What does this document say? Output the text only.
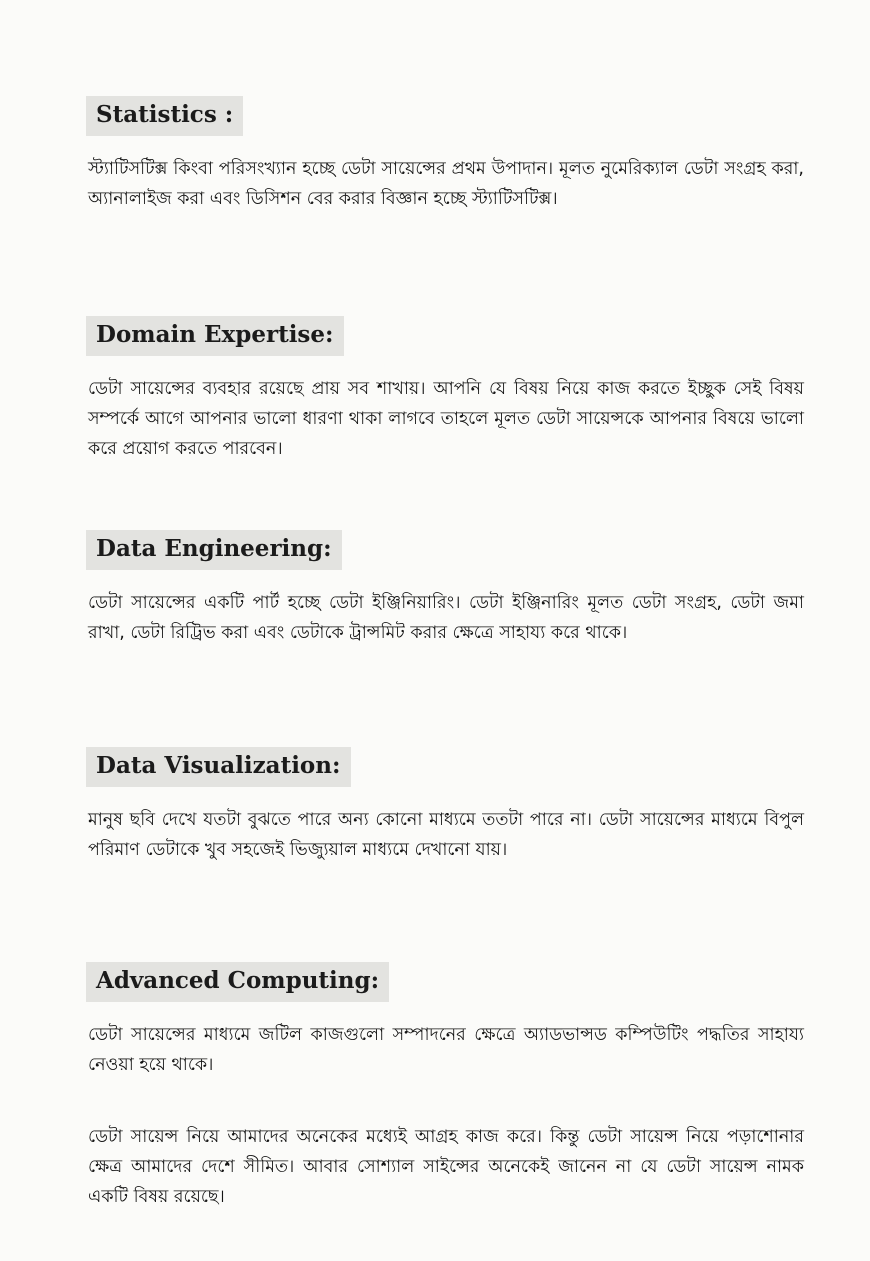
Statistics :
স্ট্যাটিসটিক্স কিংবা পরিসংখ্যান হচ্ছে ডেটা সায়েন্সের প্রথম উপাদান। মূলত নুমেরিক্যাল ডেটা সংগ্রহ করা, অ্যানালাইজ করা এবং ডিসিশন বের করার বিজ্ঞান হচ্ছে স্ট্যাটিসটিক্স।
Domain Expertise:
ডেটা সায়েন্সের ব্যবহার রয়েছে প্রায় সব শাখায়। আপনি যে বিষয় নিয়ে কাজ করতে ইচ্ছুক সেই বিষয় সম্পর্কে আগে আপনার ভালো ধারণা থাকা লাগবে তাহলে মূলত ডেটা সায়েন্সকে আপনার বিষয়ে ভালো করে প্রয়োগ করতে পারবেন।
Data Engineering:
ডেটা সায়েন্সের একটি পার্ট হচ্ছে ডেটা ইঞ্জিনিয়ারিং। ডেটা ইঞ্জিনারিং মূলত ডেটা সংগ্রহ, ডেটা জমা রাখা, ডেটা রিট্রিভ করা এবং ডেটাকে ট্রান্সমিট করার ক্ষেত্রে সাহায্য করে থাকে।
Data Visualization:
মানুষ ছবি দেখে যতটা বুঝতে পারে অন্য কোনো মাধ্যমে ততটা পারে না। ডেটা সায়েন্সের মাধ্যমে বিপুল পরিমাণ ডেটাকে খুব সহজেই ভিজ্যুয়াল মাধ্যমে দেখানো যায়।
Advanced Computing:
ডেটা সায়েন্সের মাধ্যমে জটিল কাজগুলো সম্পাদনের ক্ষেত্রে অ্যাডভান্সড কম্পিউটিং পদ্ধতির সাহায্য নেওয়া হয়ে থাকে।
ডেটা সায়েন্স নিয়ে আমাদের অনেকের মধ্যেই আগ্রহ কাজ করে। কিন্তু ডেটা সায়েন্স নিয়ে পড়াশোনার ক্ষেত্র আমাদের দেশে সীমিত। আবার সোশ্যাল সাইন্সের অনেকেই জানেন না যে ডেটা সায়েন্স নামক একটি বিষয় রয়েছে।
